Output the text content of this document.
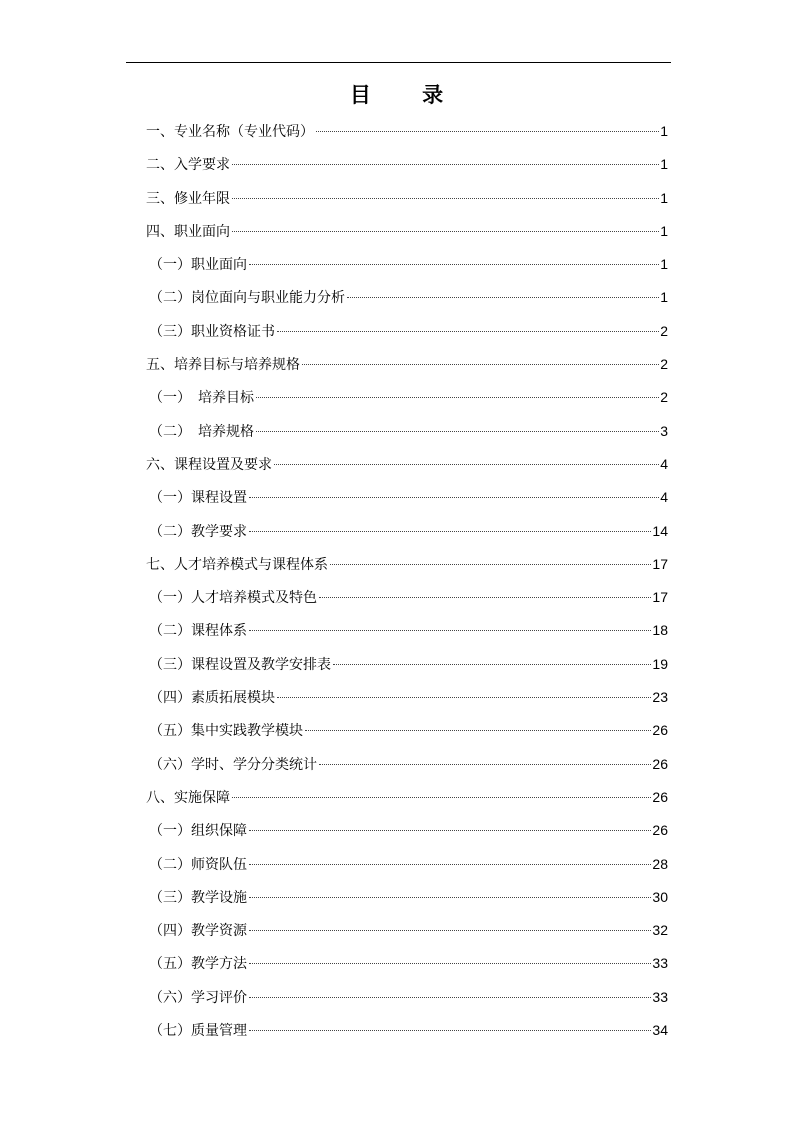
目 录
一、专业名称（专业代码）	1
二、入学要求	1
三、修业年限	1
四、职业面向	1
（一）职业面向	1
（二）岗位面向与职业能力分析	1
（三）职业资格证书	2
五、培养目标与培养规格	2
（一）　培养目标	2
（二）　培养规格	3
六、课程设置及要求	4
（一）课程设置	4
（二）教学要求	14
七、人才培养模式与课程体系	17
（一）人才培养模式及特色	17
（二）课程体系	18
（三）课程设置及教学安排表	19
（四）素质拓展模块	23
（五）集中实践教学模块	26
（六）学时、学分分类统计	26
八、实施保障	26
（一）组织保障	26
（二）师资队伍	28
（三）教学设施	30
（四）教学资源	32
（五）教学方法	33
（六）学习评价	33
（七）质量管理	34
